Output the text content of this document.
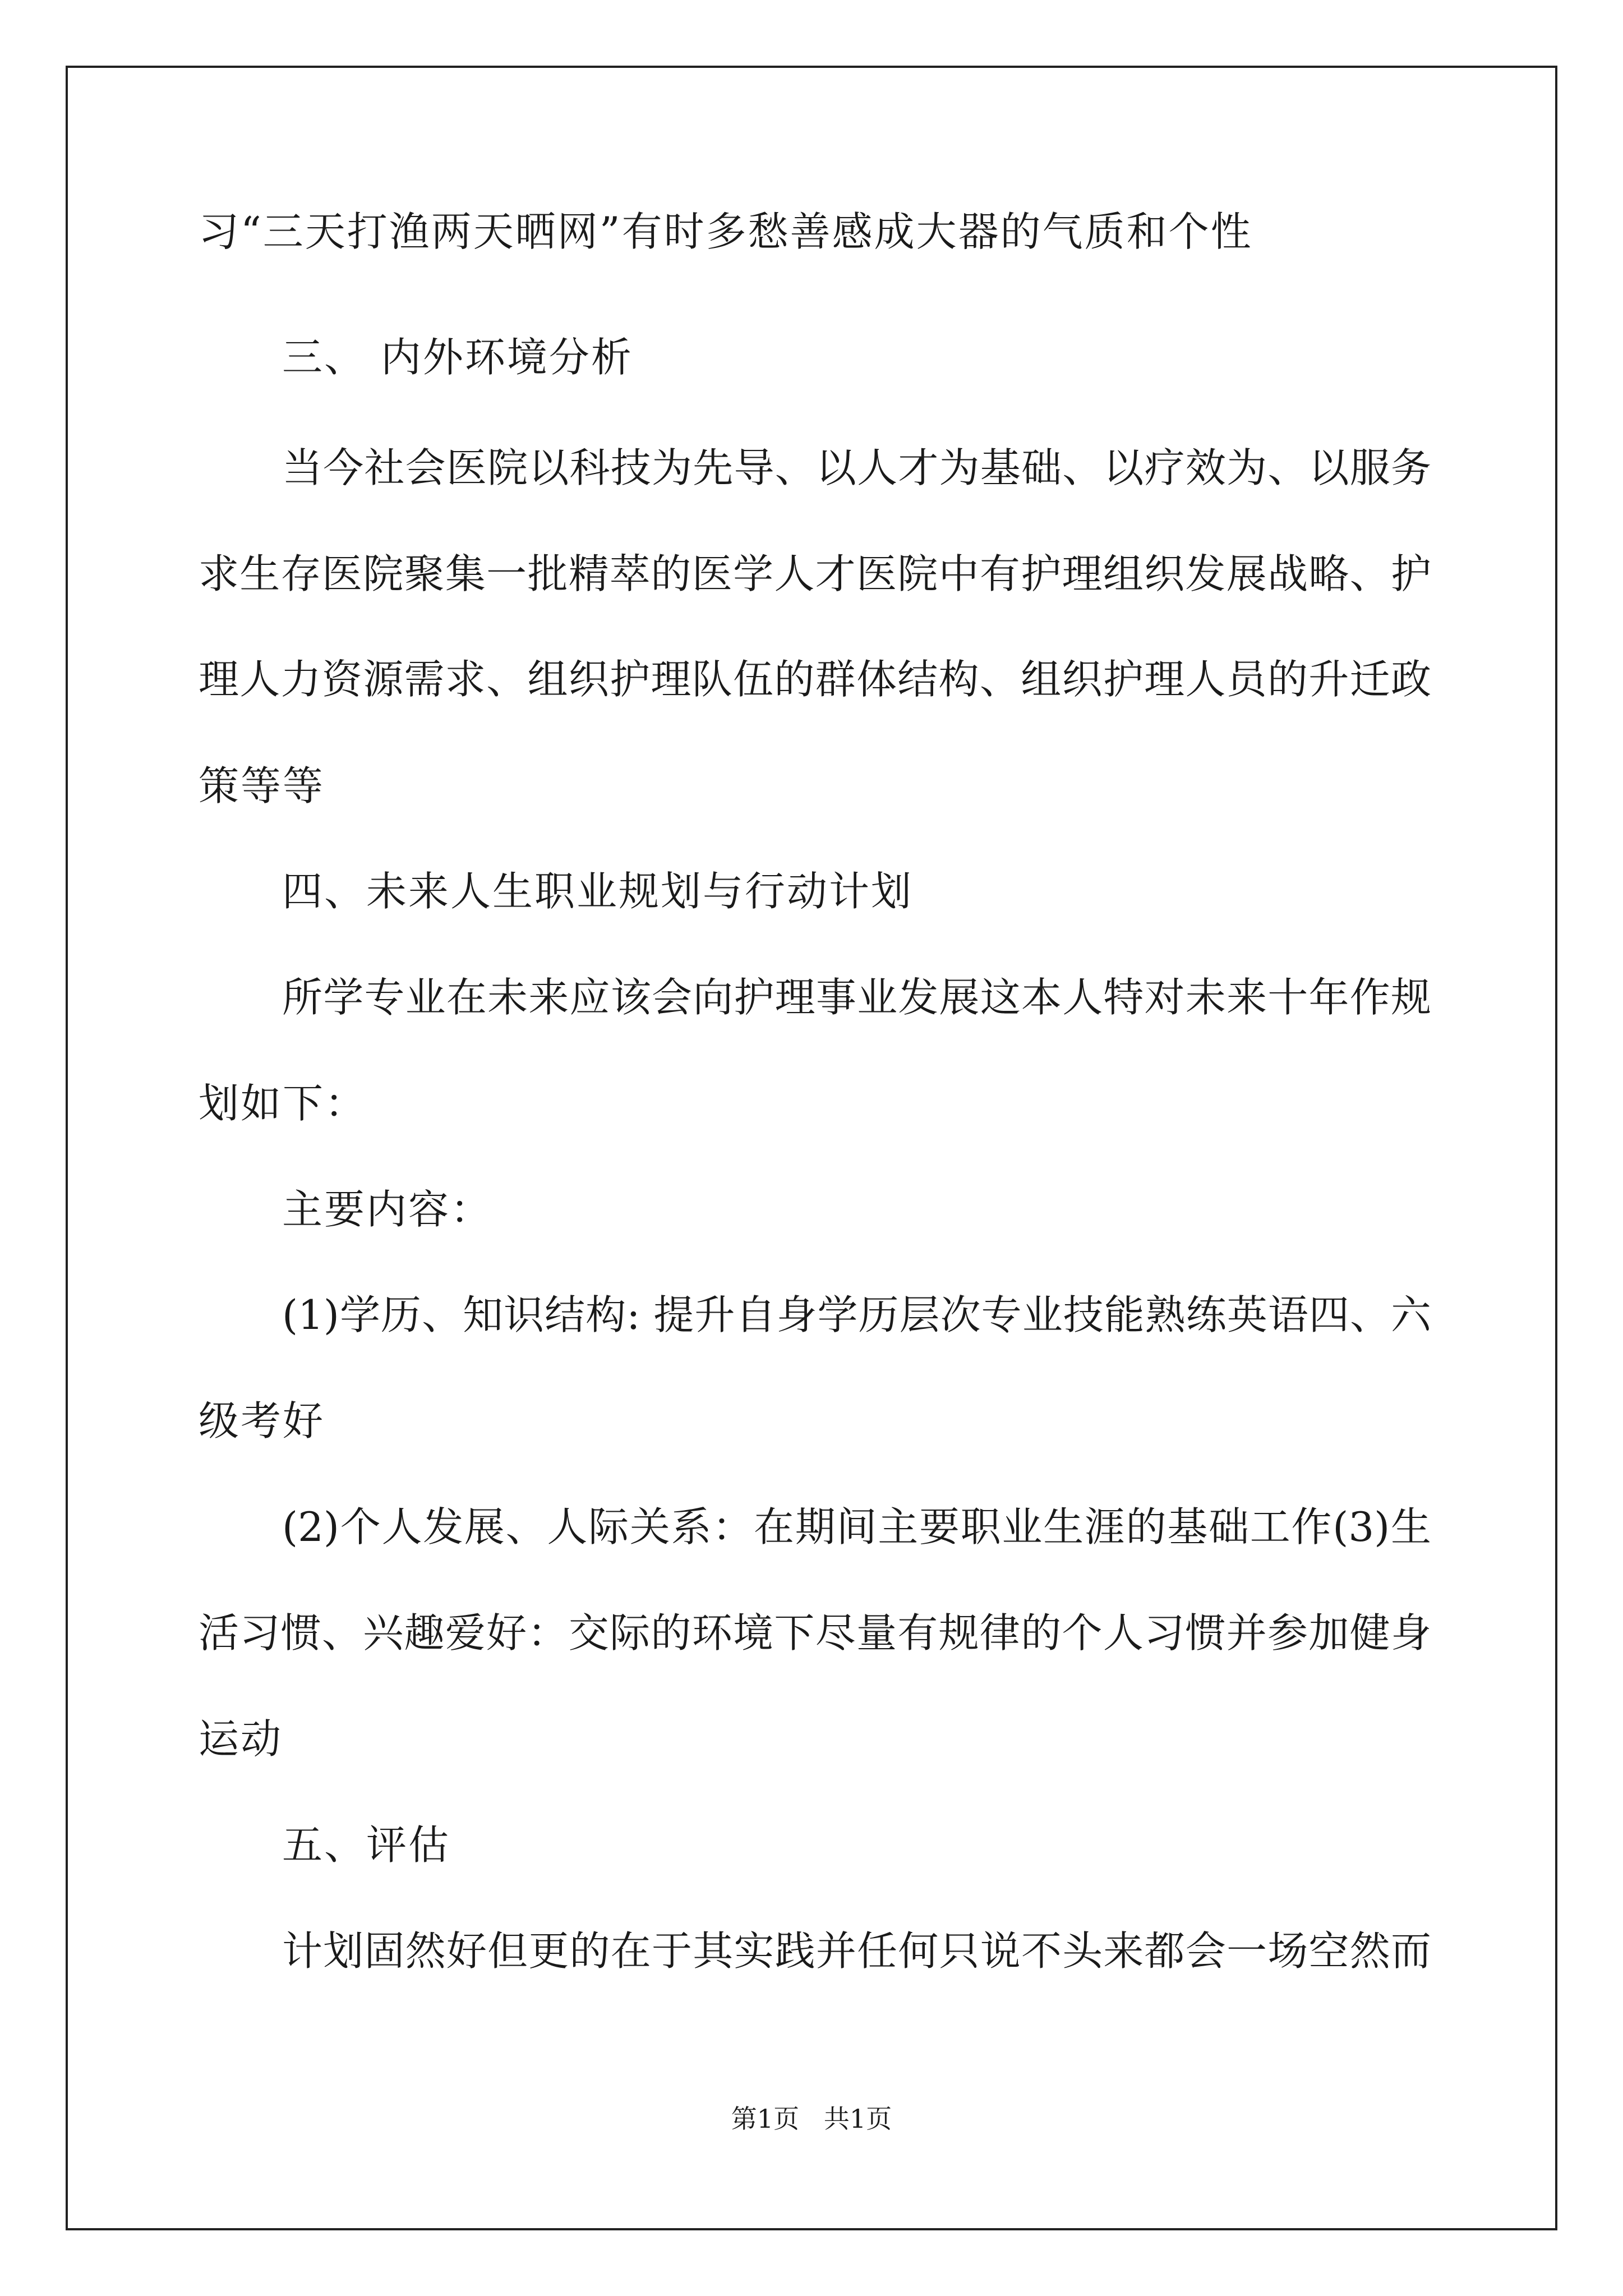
习“三天打渔两天晒网”有时多愁善感成大器的气质和个性
三、 内外环境分析
当今社会医院以科技为先导、以人才为基础、以疗效为、以服务
求生存医院聚集一批精萃的医学人才医院中有护理组织发展战略、护
理人力资源需求、组织护理队伍的群体结构、组织护理人员的升迁政
策等等
四、未来人生职业规划与行动计划
所学专业在未来应该会向护理事业发展这本人特对未来十年作规
划如下：
主要内容：
(1)学历、知识结构: 提升自身学历层次专业技能熟练英语四、六
级考好
(2)个人发展、人际关系：在期间主要职业生涯的基础工作(3)生
活习惯、兴趣爱好：交际的环境下尽量有规律的个人习惯并参加健身
运动
五、评估
计划固然好但更的在于其实践并任何只说不头来都会一场空然而
第1页   共1页
